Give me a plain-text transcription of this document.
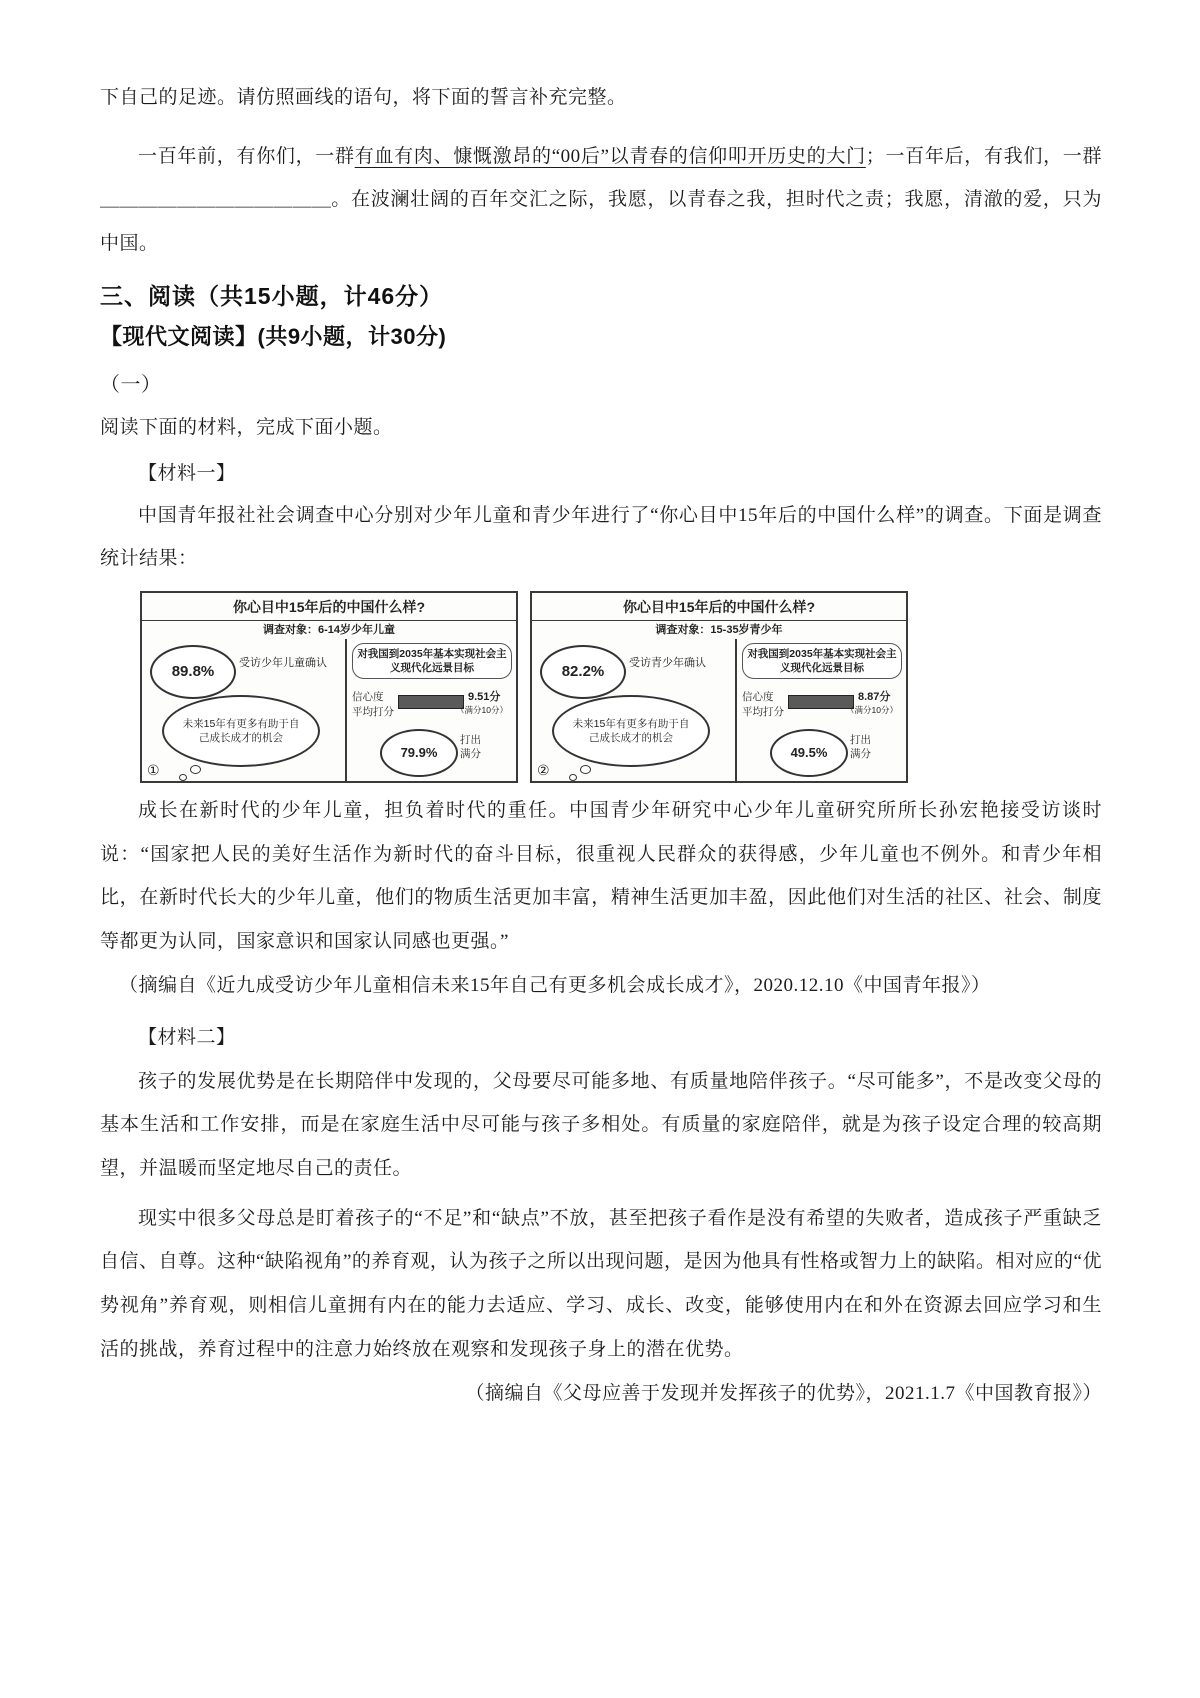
下自己的足迹。请仿照画线的语句，将下面的誓言补充完整。

一百年前，有你们，一群有血有肉、慷慨激昂的“00后”以青春的信仰叩开历史的大门；一百年后，有我们，一群＿＿＿＿＿＿＿＿＿＿＿＿。在波澜壮阔的百年交汇之际，我愿，以青春之我，担时代之责；我愿，清澈的爱，只为中国。

三、阅读（共15小题，计46分）
【现代文阅读】(共9小题，计30分)

（一）

阅读下面的材料，完成下面小题。

【材料一】

中国青年报社社会调查中心分别对少年儿童和青少年进行了“你心目中15年后的中国什么样”的调查。下面是调查统计结果：

你心目中15年后的中国什么样?
调查对象：6-14岁少年儿童
89.8%
受访少年儿童确认
未来15年有更多有助于自己成长成才的机会
对我国到2035年基本实现社会主义现代化远景目标
信心度
平均打分
9.51分
（满分10分）
79.9%
打出
满分
①

你心目中15年后的中国什么样?
调查对象：15-35岁青少年
82.2%
受访青少年确认
未来15年有更多有助于自己成长成才的机会
对我国到2035年基本实现社会主义现代化远景目标
信心度
平均打分
8.87分
（满分10分）
49.5%
打出
满分
②

成长在新时代的少年儿童，担负着时代的重任。中国青少年研究中心少年儿童研究所所长孙宏艳接受访谈时说：“国家把人民的美好生活作为新时代的奋斗目标，很重视人民群众的获得感，少年儿童也不例外。和青少年相比，在新时代长大的少年儿童，他们的物质生活更加丰富，精神生活更加丰盈，因此他们对生活的社区、社会、制度等都更为认同，国家意识和国家认同感也更强。”

（摘编自《近九成受访少年儿童相信未来15年自己有更多机会成长成才》，2020.12.10《中国青年报》）

【材料二】

孩子的发展优势是在长期陪伴中发现的，父母要尽可能多地、有质量地陪伴孩子。“尽可能多”，不是改变父母的基本生活和工作安排，而是在家庭生活中尽可能与孩子多相处。有质量的家庭陪伴，就是为孩子设定合理的较高期望，并温暖而坚定地尽自己的责任。

现实中很多父母总是盯着孩子的“不足”和“缺点”不放，甚至把孩子看作是没有希望的失败者，造成孩子严重缺乏自信、自尊。这种“缺陷视角”的养育观，认为孩子之所以出现问题，是因为他具有性格或智力上的缺陷。相对应的“优势视角”养育观，则相信儿童拥有内在的能力去适应、学习、成长、改变，能够使用内在和外在资源去回应学习和生活的挑战，养育过程中的注意力始终放在观察和发现孩子身上的潜在优势。

（摘编自《父母应善于发现并发挥孩子的优势》，2021.1.7《中国教育报》）
